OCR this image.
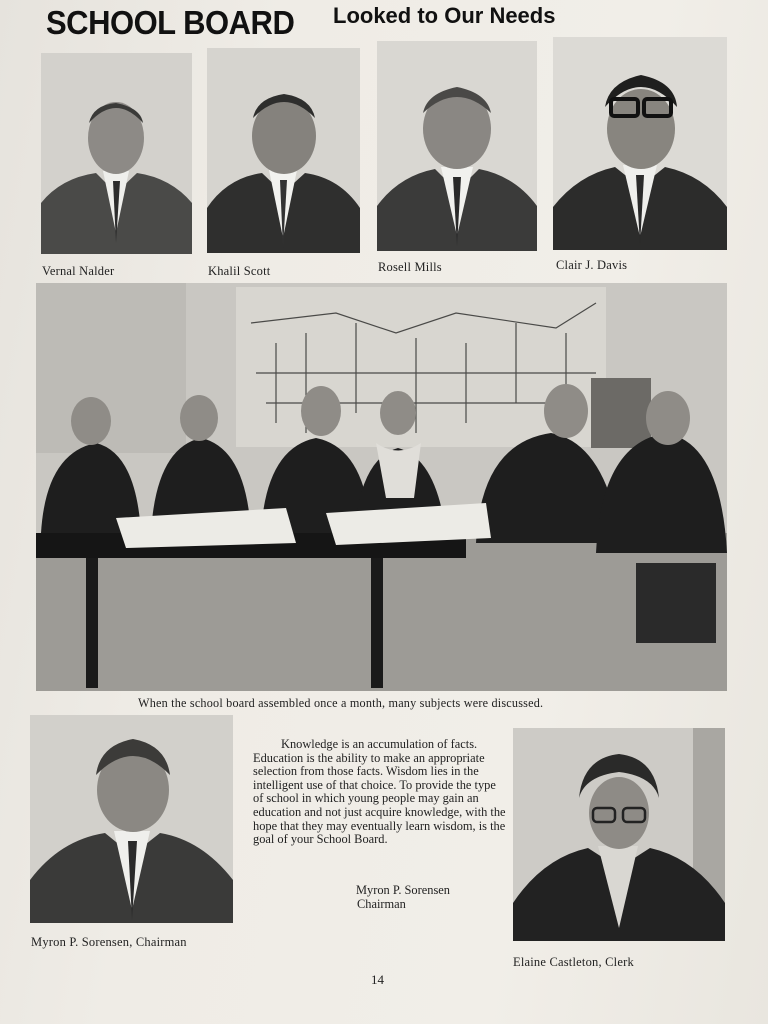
SCHOOL BOARD Looked to Our Needs
Vernal Nalder	Khalil Scott	Rosell Mills	Clair J. Davis
When the school board assembled once a month, many subjects were discussed.
Myron P. Sorensen, Chairman

Knowledge is an accumulation of facts. Education is the ability to make an appropriate selection from those facts. Wisdom lies in the intelligent use of that choice. To provide the type of school in which young people may gain an education and not just acquire knowledge, with the hope that they may eventually learn wisdom, is the goal of your School Board.

Myron P. Sorensen
Chairman
Elaine Castleton, Clerk
14
